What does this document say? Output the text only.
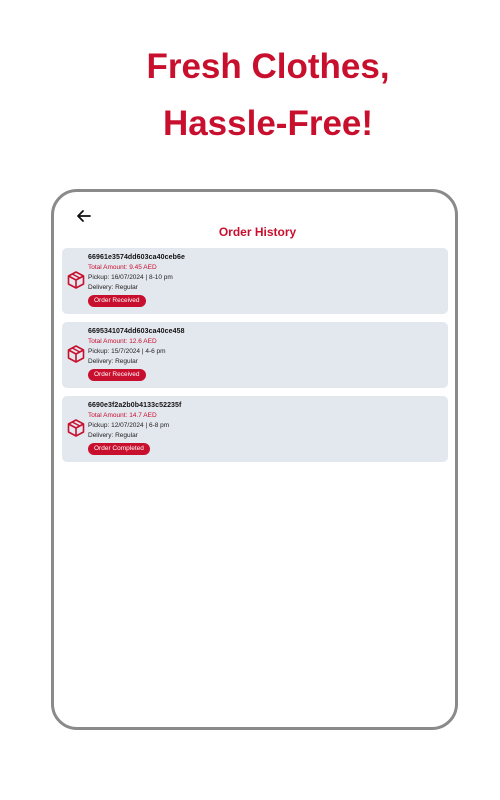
Fresh Clothes,
Hassle-Free!
Order History
66961e3574dd603ca40ceb6e
Total Amount: 9.45 AED
Pickup: 16/07/2024 | 8-10 pm
Delivery: Regular
Order Received
6695341074dd603ca40ce458
Total Amount: 12.6 AED
Pickup: 15/7/2024 | 4-6 pm
Delivery: Regular
Order Received
6690e3f2a2b0b4133c52235f
Total Amount: 14.7 AED
Pickup: 12/07/2024 | 6-8 pm
Delivery: Regular
Order Completed
